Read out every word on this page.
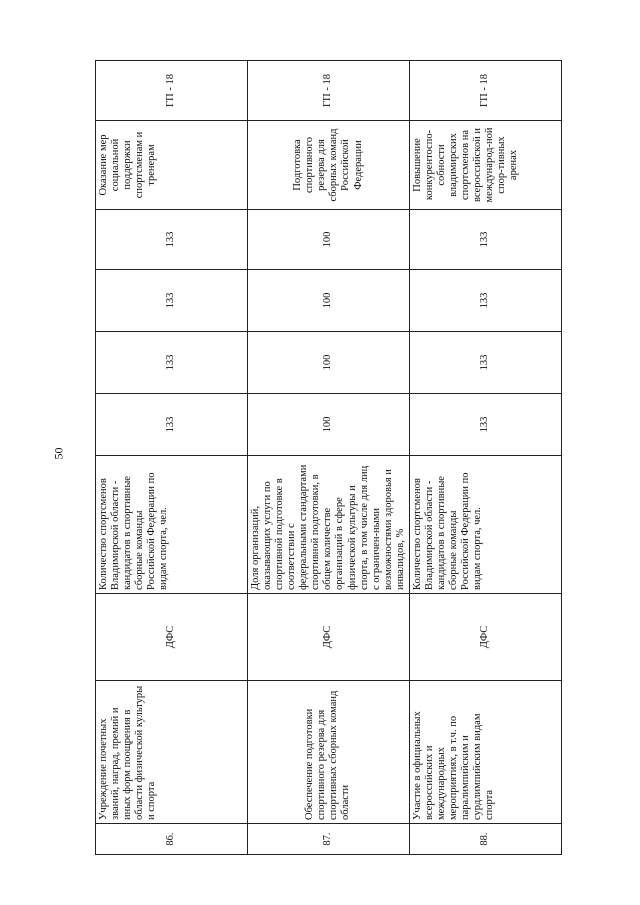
50
86.	Учреждение почетных званий, наград, премий и иных форм поощрения в области физической культуры и спорта	ДФС	Количество спортсменов Владимирской области - кандидатов в спортивные сборные команды Российской Федерации по видам спорта, чел.	133	133	133	133	Оказание мер социальной поддержки спортсменам и тренерам	ГП - 18
87.	Обеспечение подготовки спортивного резерва для спортивных сборных команд области	ДФС	Доля организаций, оказывающих услуги по спортивной подготовке в соответствии с федеральными стандартами спортивной подготовки, в общем количестве организаций в сфере физической культуры и спорта, в том числе для лиц с ограничен-ными возможностями здоровья и инвалидов, %	100	100	100	100	Подготовка спортивного резерва для сборных команд Российской Федерации	ГП - 18
88.	Участие в официальных всероссийских и международных мероприятиях, в т.ч. по паралимпийским и сурдлимпийским видам спорта	ДФС	Количество спортсменов Владимирской области - кандидатов в спортивные сборные команды Российской Федерации по видам спорта, чел.	133	133	133	133	Повышение конкурентоспо-собности владимирских спортсменов на всероссийской и международ-ной спор-тивных аренах	ГП - 18
